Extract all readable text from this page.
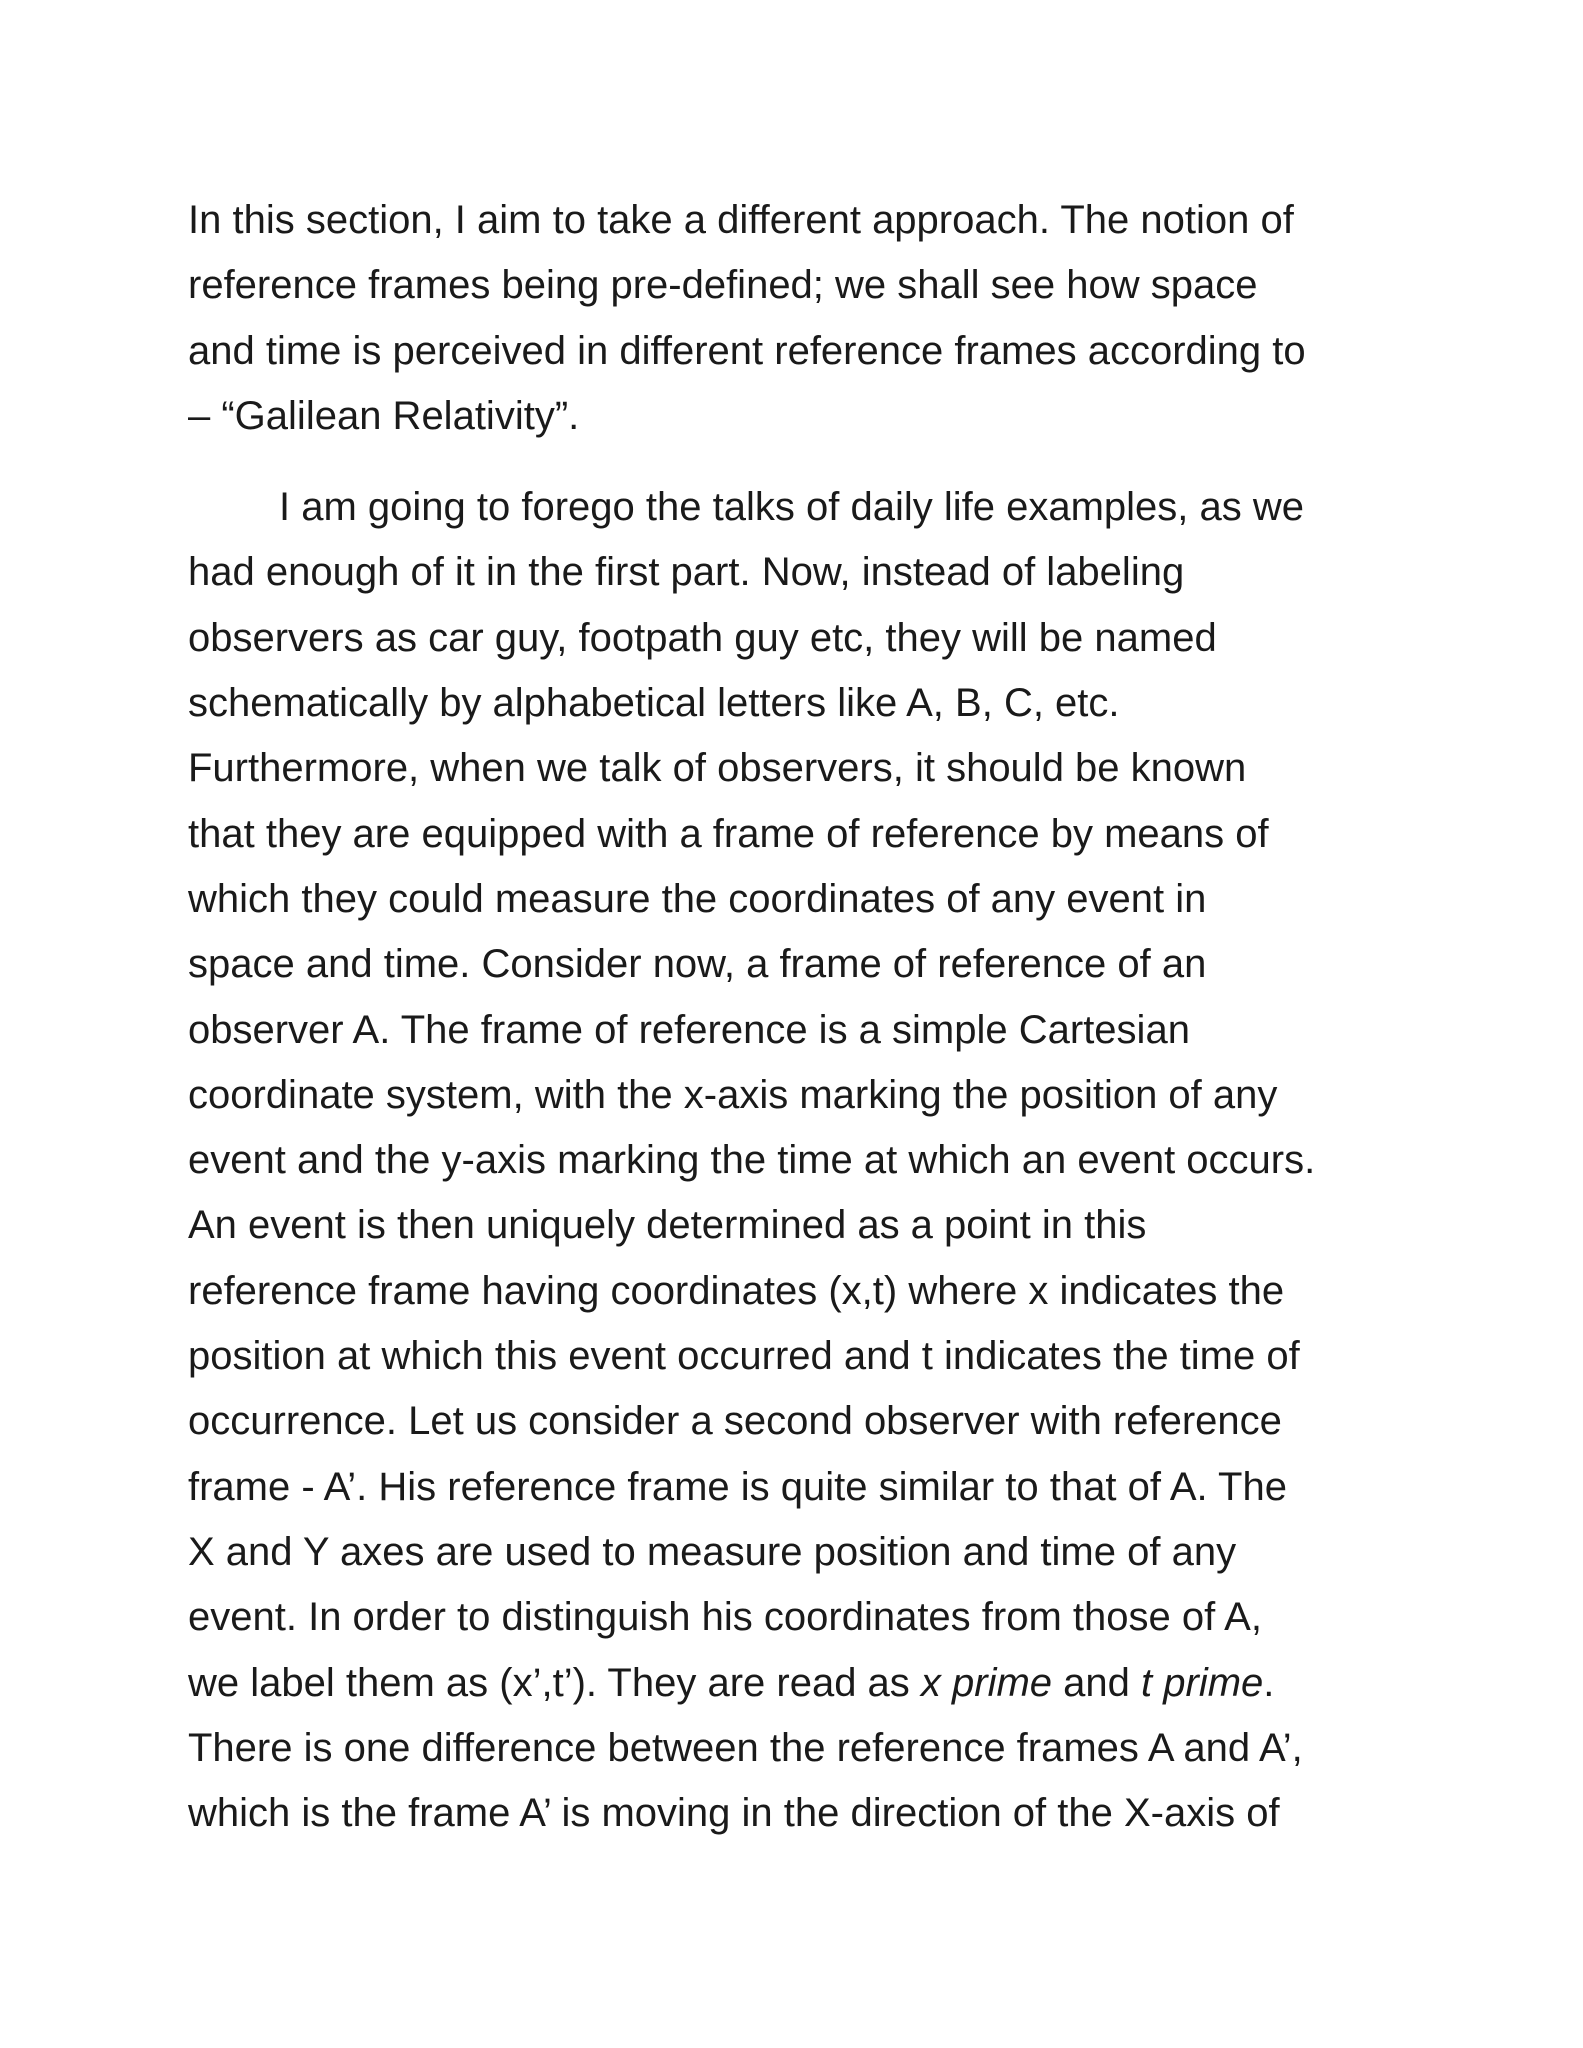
In this section, I aim to take a different approach. The notion of
reference frames being pre-defined; we shall see how space
and time is perceived in different reference frames according to
– “Galilean Relativity”.
I am going to forego the talks of daily life examples, as we
had enough of it in the first part. Now, instead of labeling
observers as car guy, footpath guy etc, they will be named
schematically by alphabetical letters like A, B, C, etc.
Furthermore, when we talk of observers, it should be known
that they are equipped with a frame of reference by means of
which they could measure the coordinates of any event in
space and time. Consider now, a frame of reference of an
observer A. The frame of reference is a simple Cartesian
coordinate system, with the x-axis marking the position of any
event and the y-axis marking the time at which an event occurs.
An event is then uniquely determined as a point in this
reference frame having coordinates (x,t) where x indicates the
position at which this event occurred and t indicates the time of
occurrence. Let us consider a second observer with reference
frame - A’. His reference frame is quite similar to that of A. The
X and Y axes are used to measure position and time of any
event. In order to distinguish his coordinates from those of A,
we label them as (x’,t’). They are read as x prime and t prime.
There is one difference between the reference frames A and A’,
which is the frame A’ is moving in the direction of the X-axis of
